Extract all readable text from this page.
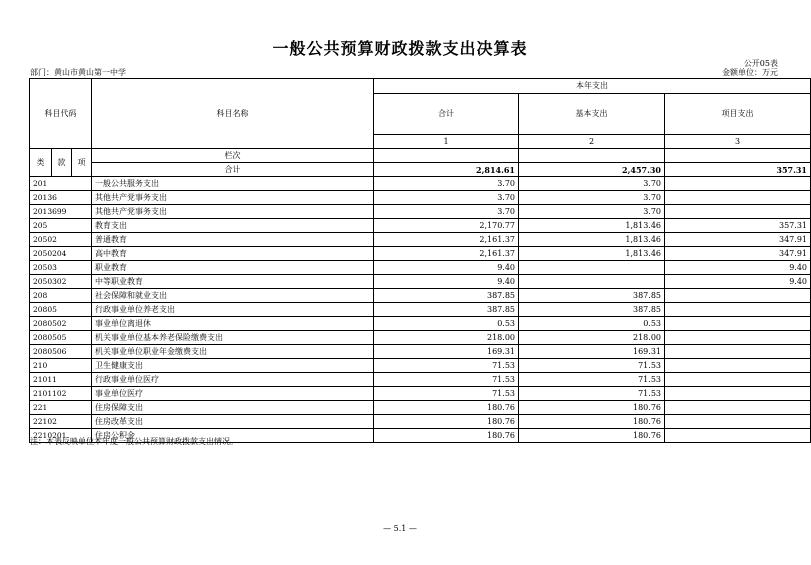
一般公共预算财政拨款支出决算表
公开05表
部门：黄山市黄山第一中学	金额单位：万元
科目代码			科目名称	本年支出		
				合计	基本支出	项目支出
				1	2	3
类	款	项	栏次			
			合计	2,814.61	2,457.30	357.31
201			一般公共服务支出	3.70	3.70	
20136			其他共产党事务支出	3.70	3.70	
2013699			其他共产党事务支出	3.70	3.70	
205			教育支出	2,170.77	1,813.46	357.31
20502			普通教育	2,161.37	1,813.46	347.91
2050204			高中教育	2,161.37	1,813.46	347.91
20503			职业教育	9.40		9.40
2050302			中等职业教育	9.40		9.40
208			社会保障和就业支出	387.85	387.85	
20805			行政事业单位养老支出	387.85	387.85	
2080502			事业单位离退休	0.53	0.53	
2080505			机关事业单位基本养老保险缴费支出	218.00	218.00	
2080506			机关事业单位职业年金缴费支出	169.31	169.31	
210			卫生健康支出	71.53	71.53	
21011			行政事业单位医疗	71.53	71.53	
2101102			事业单位医疗	71.53	71.53	
221			住房保障支出	180.76	180.76	
22102			住房改革支出	180.76	180.76	
2210201			住房公积金	180.76	180.76	
注：本表反映单位本年度一般公共预算财政拨款支出情况。
— 5.1 —
